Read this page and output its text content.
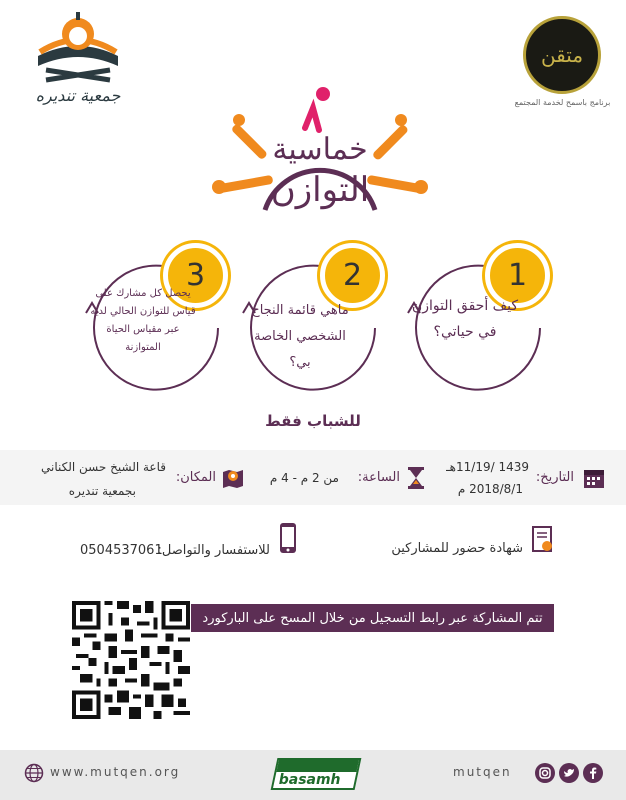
جمعية تنديره
متقن
برنامج باسمح لخدمة المجتمع
خماسية
التوازن
1
كيف أحقق التوازن في حياتي؟
2
ماهي قائمة النجاح الشخصي الخاصة بي؟
3
يحصل كل مشارك على قياس للتوازن الحالي لديه عبر مقياس الحياة المتوازنة
للشباب فقط
التاريخ:
1439 /11/19هـ
2018/8/1 م
الساعة:
من 2 م - 4 م
المكان:
قاعة الشيخ حسن الكناني
بجمعية تنديره
شهادة حضور للمشاركين
للاستفسار والتواصل:
0504537061
تتم المشاركة عبر رابط التسجيل من خلال المسح على الباركورد
www.mutqen.org	basamh	mutqen
